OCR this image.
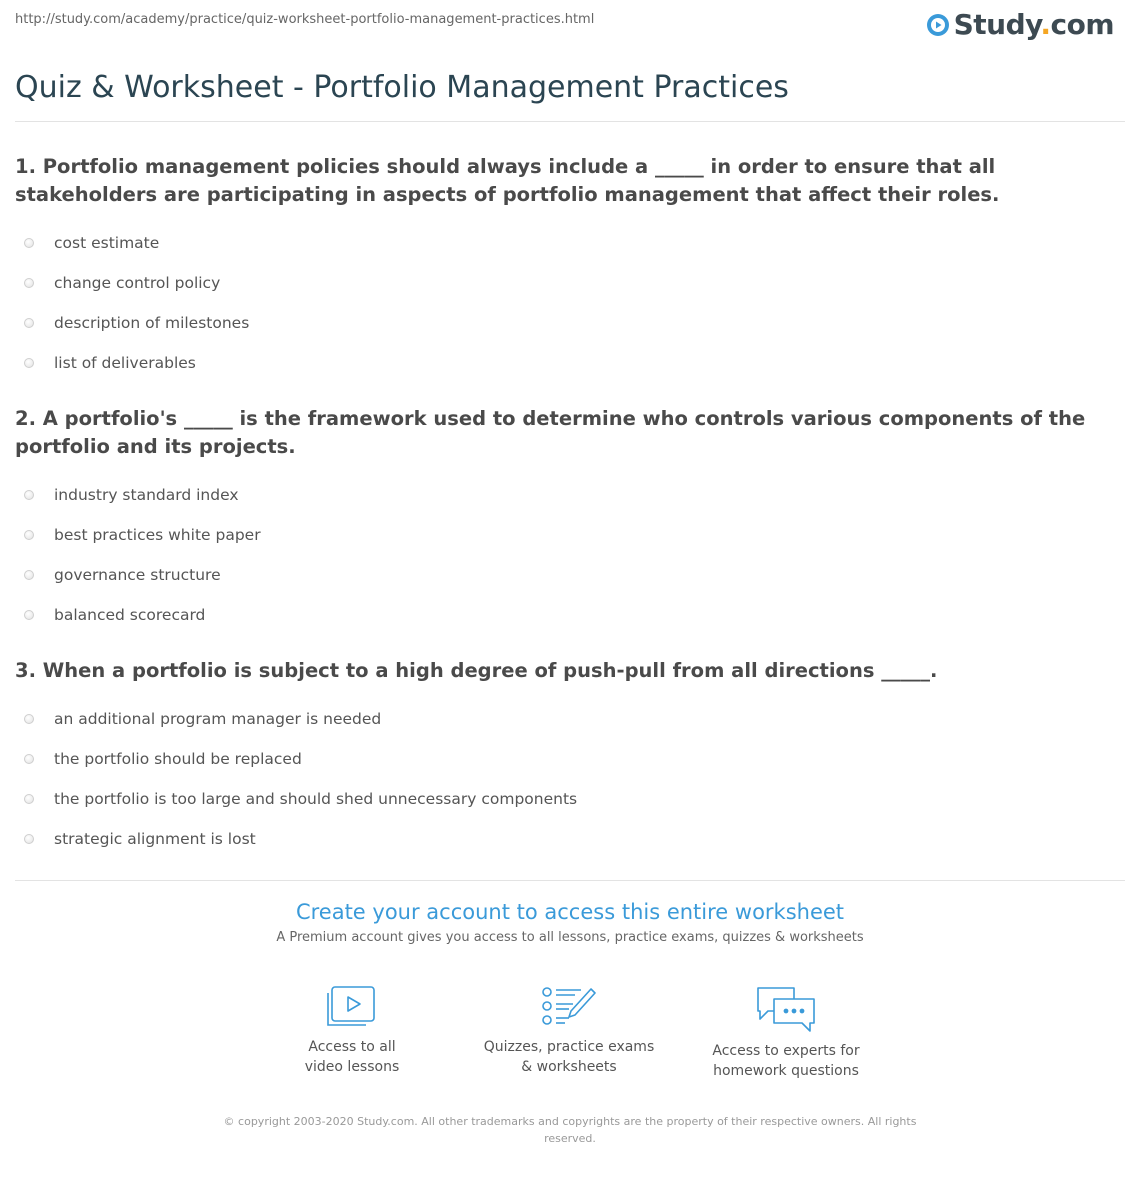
http://study.com/academy/practice/quiz-worksheet-portfolio-management-practices.html	Study.com
Quiz & Worksheet - Portfolio Management Practices

1. Portfolio management policies should always include a _____ in order to ensure that all stakeholders are participating in aspects of portfolio management that affect their roles.

cost estimate
change control policy
description of milestones
list of deliverables

2. A portfolio's _____ is the framework used to determine who controls various components of the portfolio and its projects.

industry standard index
best practices white paper
governance structure
balanced scorecard

3. When a portfolio is subject to a high degree of push-pull from all directions _____.

an additional program manager is needed
the portfolio should be replaced
the portfolio is too large and should shed unnecessary components
strategic alignment is lost
Create your account to access this entire worksheet
A Premium account gives you access to all lessons, practice exams, quizzes & worksheets
Access to all
video lessons
Quizzes, practice exams
& worksheets
Access to experts for
homework questions
© copyright 2003-2020 Study.com. All other trademarks and copyrights are the property of their respective owners. All rights reserved.
